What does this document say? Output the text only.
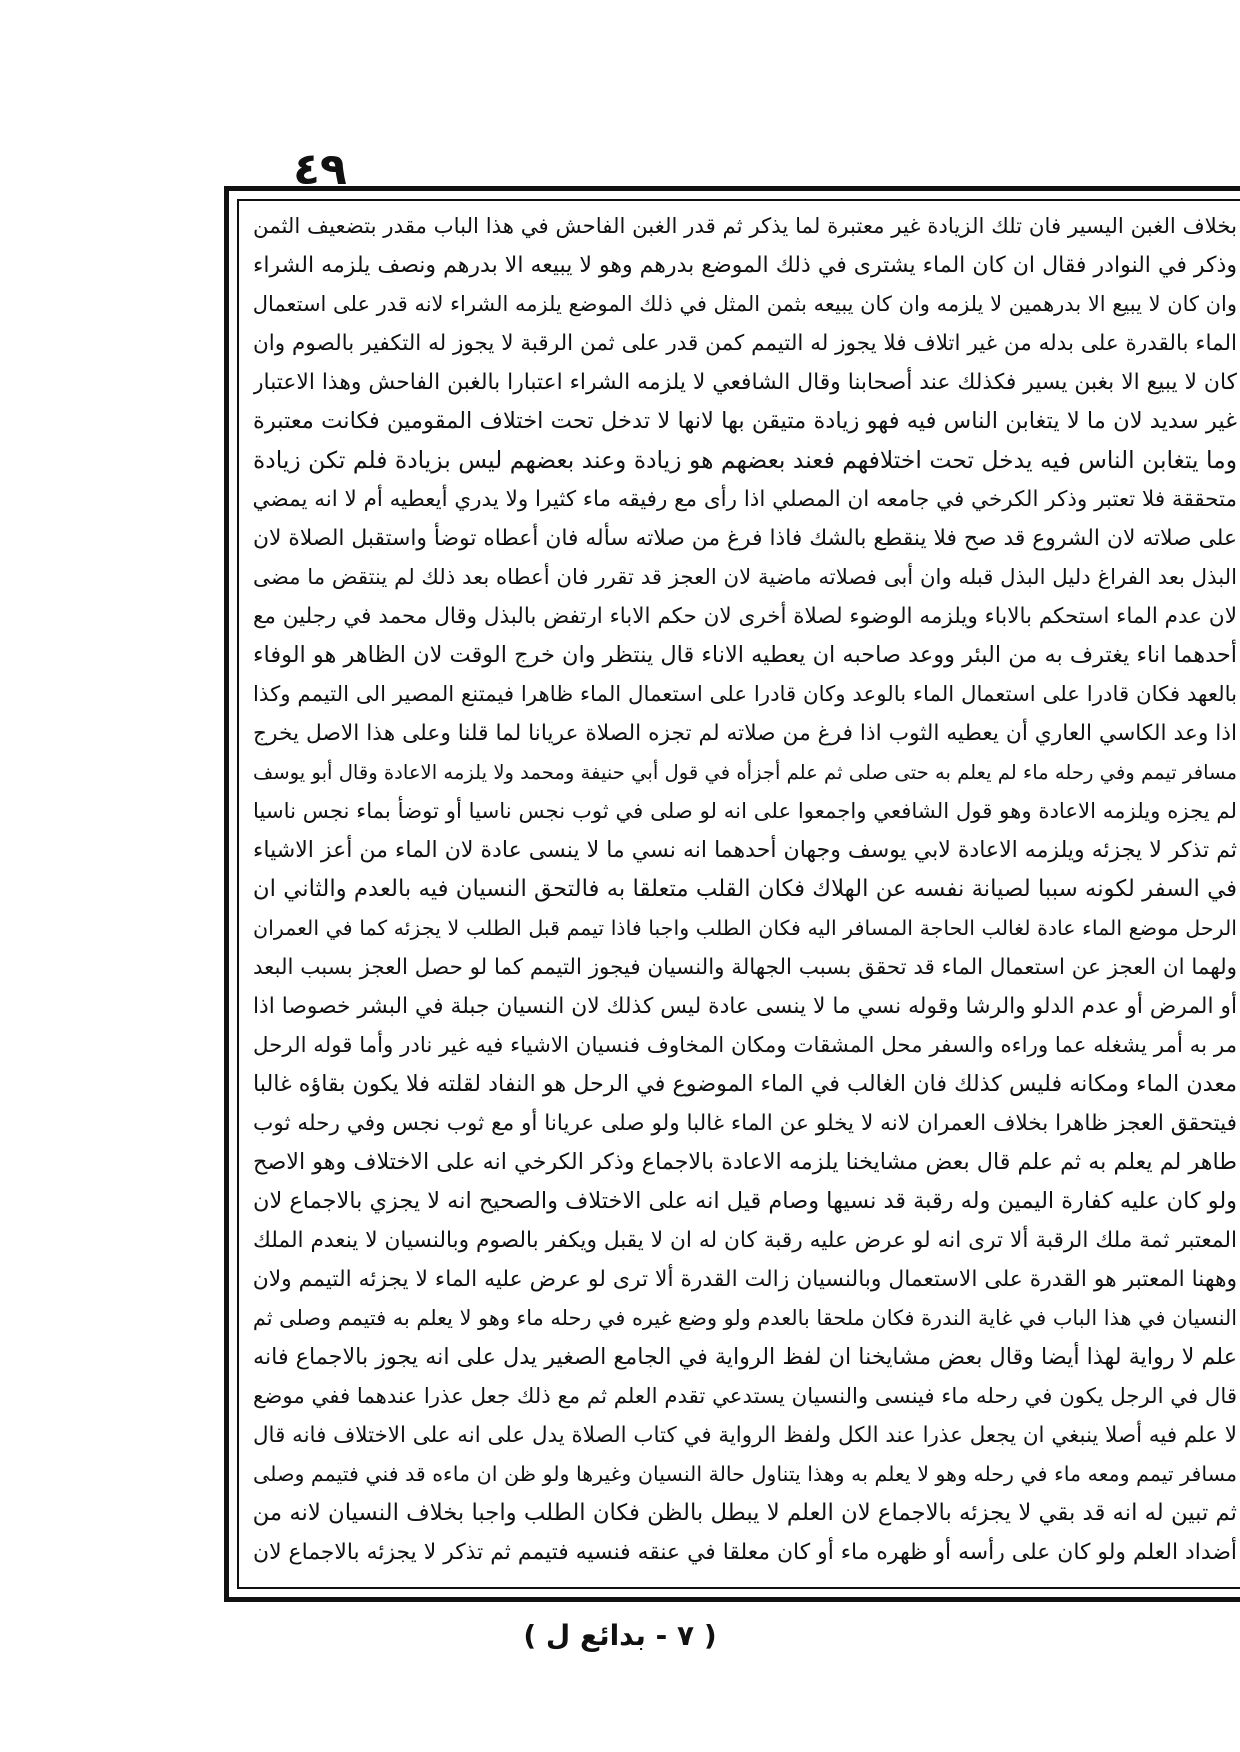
٤٩
بخلاف الغبن اليسير فان تلك الزيادة غير معتبرة لما يذكر ثم قدر الغبن الفاحش في هذا الباب مقدر بتضعيف الثمن
وذكر في النوادر فقال ان كان الماء يشترى في ذلك الموضع بدرهم وهو لا يبيعه الا بدرهم ونصف يلزمه الشراء
وان كان لا يبيع الا بدرهمين لا يلزمه وان كان يبيعه بثمن المثل في ذلك الموضع يلزمه الشراء لانه قدر على استعمال
الماء بالقدرة على بدله من غير اتلاف فلا يجوز له التيمم كمن قدر على ثمن الرقبة لا يجوز له التكفير بالصوم وان
كان لا يبيع الا بغبن يسير فكذلك عند أصحابنا وقال الشافعي لا يلزمه الشراء اعتبارا بالغبن الفاحش وهذا الاعتبار
غير سديد لان ما لا يتغابن الناس فيه فهو زيادة متيقن بها لانها لا تدخل تحت اختلاف المقومين فكانت معتبرة
وما يتغابن الناس فيه يدخل تحت اختلافهم فعند بعضهم هو زيادة وعند بعضهم ليس بزيادة فلم تكن زيادة
متحققة فلا تعتبر وذكر الكرخي في جامعه ان المصلي اذا رأى مع رفيقه ماء كثيرا ولا يدري أيعطيه أم لا انه يمضي
على صلاته لان الشروع قد صح فلا ينقطع بالشك فاذا فرغ من صلاته سأله فان أعطاه توضأ واستقبل الصلاة لان
البذل بعد الفراغ دليل البذل قبله وان أبى فصلاته ماضية لان العجز قد تقرر فان أعطاه بعد ذلك لم ينتقض ما مضى
لان عدم الماء استحكم بالاباء ويلزمه الوضوء لصلاة أخرى لان حكم الاباء ارتفض بالبذل وقال محمد في رجلين مع
أحدهما اناء يغترف به من البئر ووعد صاحبه ان يعطيه الاناء قال ينتظر وان خرج الوقت لان الظاهر هو الوفاء
بالعهد فكان قادرا على استعمال الماء بالوعد وكان قادرا على استعمال الماء ظاهرا فيمتنع المصير الى التيمم وكذا
اذا وعد الكاسي العاري أن يعطيه الثوب اذا فرغ من صلاته لم تجزه الصلاة عريانا لما قلنا وعلى هذا الاصل يخرج
مسافر تيمم وفي رحله ماء لم يعلم به حتى صلى ثم علم أجزأه في قول أبي حنيفة ومحمد ولا يلزمه الاعادة وقال أبو يوسف
لم يجزه ويلزمه الاعادة وهو قول الشافعي واجمعوا على انه لو صلى في ثوب نجس ناسيا أو توضأ بماء نجس ناسيا
ثم تذكر لا يجزئه ويلزمه الاعادة لابي يوسف وجهان أحدهما انه نسي ما لا ينسى عادة لان الماء من أعز الاشياء
في السفر لكونه سببا لصيانة نفسه عن الهلاك فكان القلب متعلقا به فالتحق النسيان فيه بالعدم والثاني ان
الرحل موضع الماء عادة لغالب الحاجة المسافر اليه فكان الطلب واجبا فاذا تيمم قبل الطلب لا يجزئه كما في العمران
ولهما ان العجز عن استعمال الماء قد تحقق بسبب الجهالة والنسيان فيجوز التيمم كما لو حصل العجز بسبب البعد
أو المرض أو عدم الدلو والرشا وقوله نسي ما لا ينسى عادة ليس كذلك لان النسيان جبلة في البشر خصوصا اذا
مر به أمر يشغله عما وراءه والسفر محل المشقات ومكان المخاوف فنسيان الاشياء فيه غير نادر وأما قوله الرحل
معدن الماء ومكانه فليس كذلك فان الغالب في الماء الموضوع في الرحل هو النفاد لقلته فلا يكون بقاؤه غالبا
فيتحقق العجز ظاهرا بخلاف العمران لانه لا يخلو عن الماء غالبا ولو صلى عريانا أو مع ثوب نجس وفي رحله ثوب
طاهر لم يعلم به ثم علم قال بعض مشايخنا يلزمه الاعادة بالاجماع وذكر الكرخي انه على الاختلاف وهو الاصح
ولو كان عليه كفارة اليمين وله رقبة قد نسيها وصام قيل انه على الاختلاف والصحيح انه لا يجزي بالاجماع لان
المعتبر ثمة ملك الرقبة ألا ترى انه لو عرض عليه رقبة كان له ان لا يقبل ويكفر بالصوم وبالنسيان لا ينعدم الملك
وههنا المعتبر هو القدرة على الاستعمال وبالنسيان زالت القدرة ألا ترى لو عرض عليه الماء لا يجزئه التيمم ولان
النسيان في هذا الباب في غاية الندرة فكان ملحقا بالعدم ولو وضع غيره في رحله ماء وهو لا يعلم به فتيمم وصلى ثم
علم لا رواية لهذا أيضا وقال بعض مشايخنا ان لفظ الرواية في الجامع الصغير يدل على انه يجوز بالاجماع فانه
قال في الرجل يكون في رحله ماء فينسى والنسيان يستدعي تقدم العلم ثم مع ذلك جعل عذرا عندهما ففي موضع
لا علم فيه أصلا ينبغي ان يجعل عذرا عند الكل ولفظ الرواية في كتاب الصلاة يدل على انه على الاختلاف فانه قال
مسافر تيمم ومعه ماء في رحله وهو لا يعلم به وهذا يتناول حالة النسيان وغيرها ولو ظن ان ماءه قد فني فتيمم وصلى
ثم تبين له انه قد بقي لا يجزئه بالاجماع لان العلم لا يبطل بالظن فكان الطلب واجبا بخلاف النسيان لانه من
أضداد العلم ولو كان على رأسه أو ظهره ماء أو كان معلقا في عنقه فنسيه فتيمم ثم تذكر لا يجزئه بالاجماع لان
( ٧ - بدائع ل )
